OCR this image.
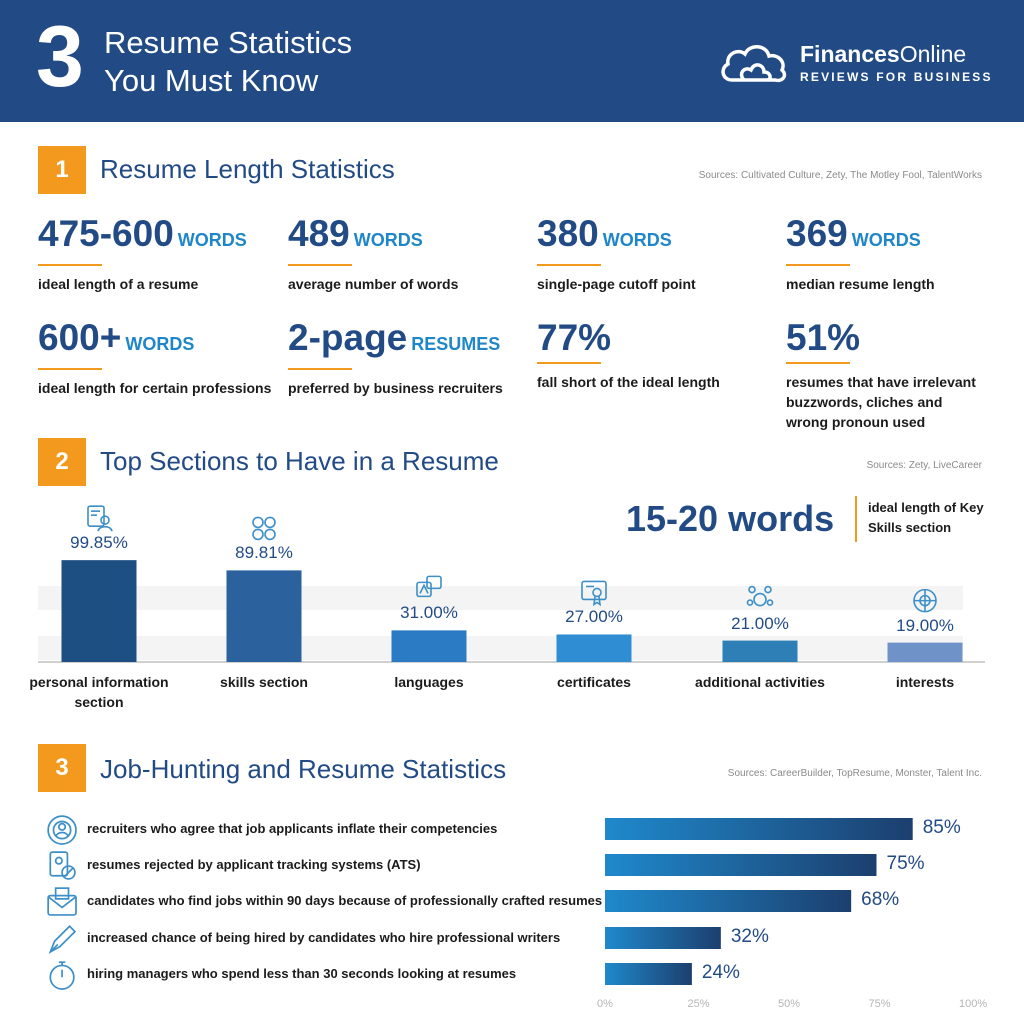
3 Resume Statistics
You Must Know
FinancesOnline
REVIEWS FOR BUSINESS
1	Resume Length Statistics	Sources: Cultivated Culture, Zety, The Motley Fool, TalentWorks
475-600 WORDS
ideal length of a resume
489 WORDS
average number of words
380 WORDS
single-page cutoff point
369 WORDS
median resume length
600+ WORDS
ideal length for certain professions
2-page RESUMES
preferred by business recruiters
77%
fall short of the ideal length
51%
resumes that have irrelevant buzzwords, cliches and wrong pronoun used
2	Top Sections to Have in a Resume	Sources: Zety, LiveCareer
15-20 words	ideal length of Key Skills section
99.85%
personal information section
89.81%
skills section
31.00%
languages
27.00%
certificates
21.00%
additional activities
19.00%
interests
3	Job-Hunting and Resume Statistics	Sources: CareerBuilder, TopResume, Monster, Talent Inc.
recruiters who agree that job applicants inflate their competencies	85%
resumes rejected by applicant tracking systems (ATS)	75%
candidates who find jobs within 90 days because of professionally crafted resumes	68%
increased chance of being hired by candidates who hire professional writers	32%
hiring managers who spend less than 30 seconds looking at resumes	24%
0%	25%	50%	75%	100%
